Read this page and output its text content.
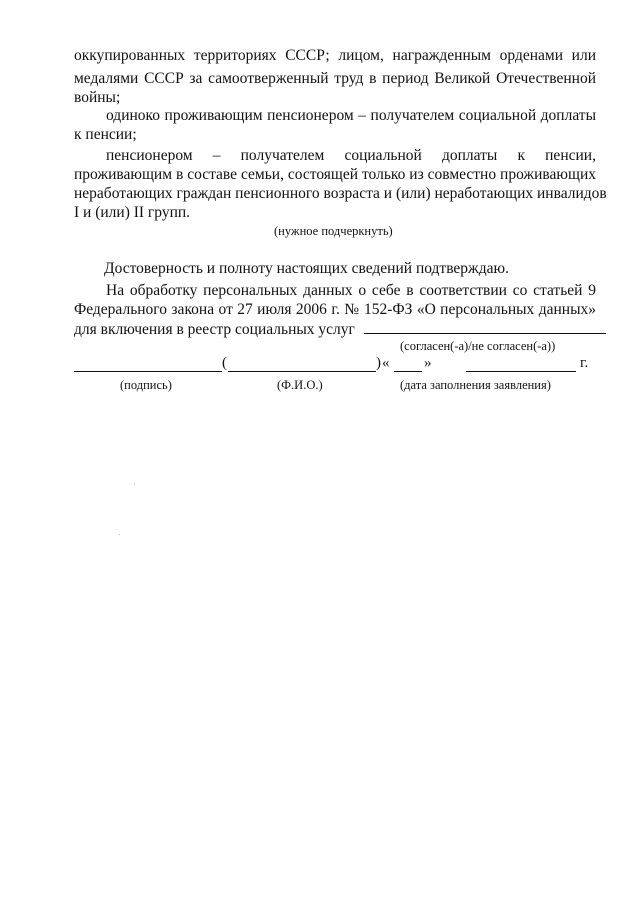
оккупированных территориях СССР; лицом, награжденным орденами или
медалями СССР за самоотверженный труд в период Великой Отечественной
войны;
одиноко проживающим пенсионером – получателем социальной доплаты
к пенсии;
пенсионером – получателем социальной доплаты к пенсии,
проживающим в составе семьи, состоящей только из совместно проживающих
неработающих граждан пенсионного возраста и (или) неработающих инвалидов
I и (или) II групп.
(нужное подчеркнуть)
Достоверность и полноту настоящих сведений подтверждаю.
На обработку персональных данных о себе в соответствии со статьей 9
Федерального закона от 27 июля 2006 г. № 152-ФЗ «О персональных данных»
для включения в реестр социальных услуг
(согласен(-а)/не согласен(-а))
(	) « »	г.
(подпись)	(Ф.И.О.)	(дата заполнения заявления)
